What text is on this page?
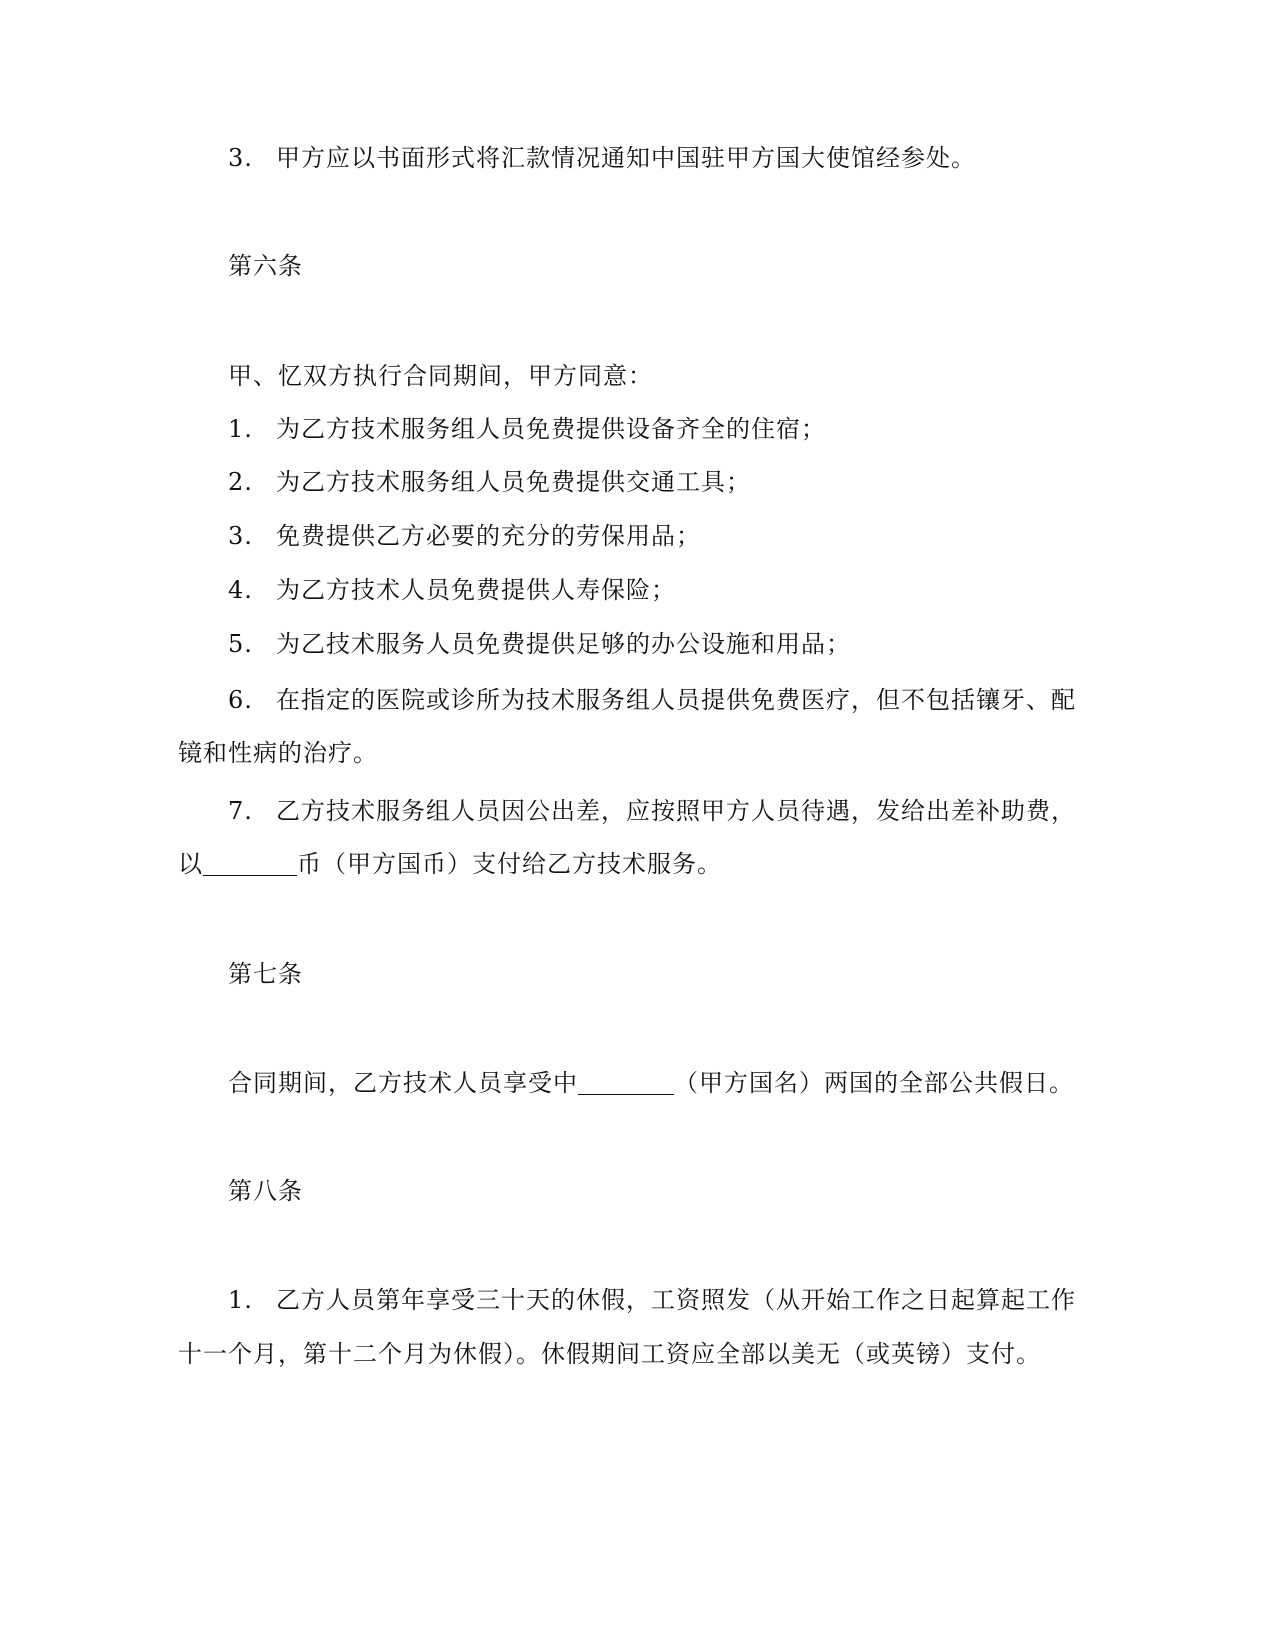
3. 甲方应以书面形式将汇款情况通知中国驻甲方国大使馆经参处。
第六条
甲、忆双方执行合同期间，甲方同意：
1. 为乙方技术服务组人员免费提供设备齐全的住宿；
2. 为乙方技术服务组人员免费提供交通工具；
3. 免费提供乙方必要的充分的劳保用品；
4. 为乙方技术人员免费提供人寿保险；
5. 为乙技术服务人员免费提供足够的办公设施和用品；
6. 在指定的医院或诊所为技术服务组人员提供免费医疗，但不包括镶牙、配
镜和性病的治疗。
7. 乙方技术服务组人员因公出差，应按照甲方人员待遇，发给出差补助费，
以	币（甲方国币）支付给乙方技术服务。
第七条
合同期间，乙方技术人员享受中	（甲方国名）两国的全部公共假日。
第八条
1. 乙方人员第年享受三十天的休假，工资照发（从开始工作之日起算起工作
十一个月，第十二个月为休假）。休假期间工资应全部以美无（或英镑）支付。
